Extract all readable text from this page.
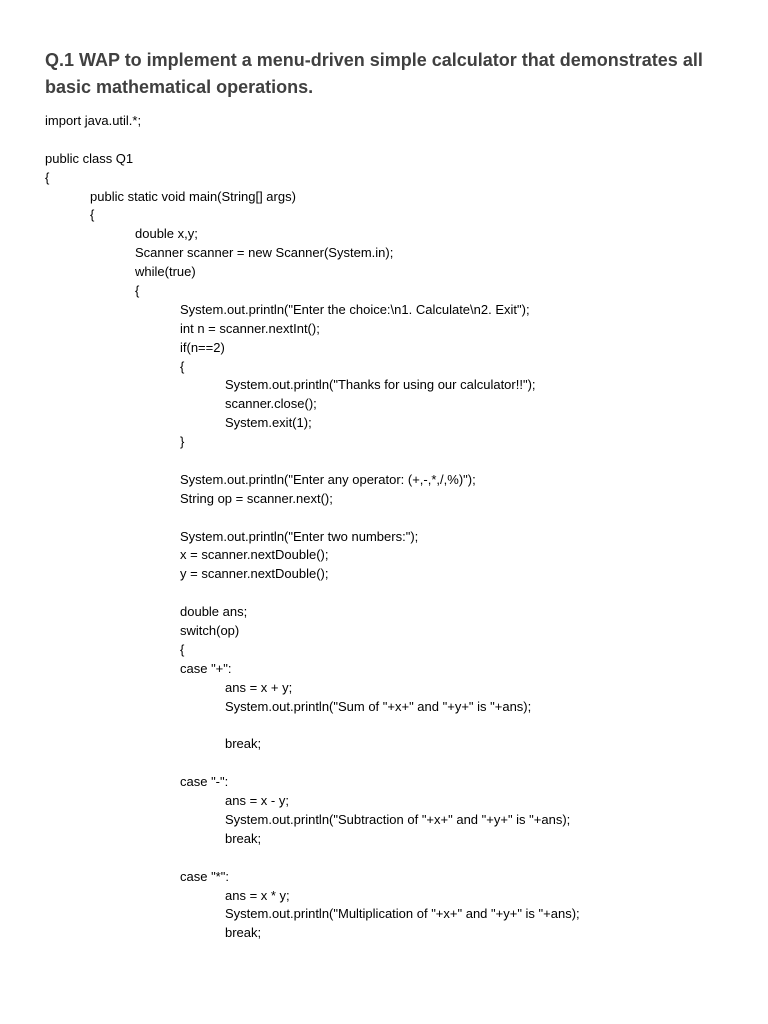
Q.1 WAP to implement a menu-driven simple calculator that demonstrates all basic mathematical operations.
import java.util.*;
public class Q1
{
public static void main(String[] args)
{
double x,y;
Scanner scanner = new Scanner(System.in);
while(true)
{
System.out.println("Enter the choice:\n1. Calculate\n2. Exit");
int n = scanner.nextInt();
if(n==2)
{
System.out.println("Thanks for using our calculator!!");
scanner.close();
System.exit(1);
}
System.out.println("Enter any operator: (+,-,*,/,%)");
String op = scanner.next();
System.out.println("Enter two numbers:");
x = scanner.nextDouble();
y = scanner.nextDouble();
double ans;
switch(op)
{
case "+":
ans = x + y;
System.out.println("Sum of "+x+" and "+y+" is "+ans);
break;
case "-":
ans = x - y;
System.out.println("Subtraction of "+x+" and "+y+" is "+ans);
break;
case "*":
ans = x * y;
System.out.println("Multiplication of "+x+" and "+y+" is "+ans);
break;
